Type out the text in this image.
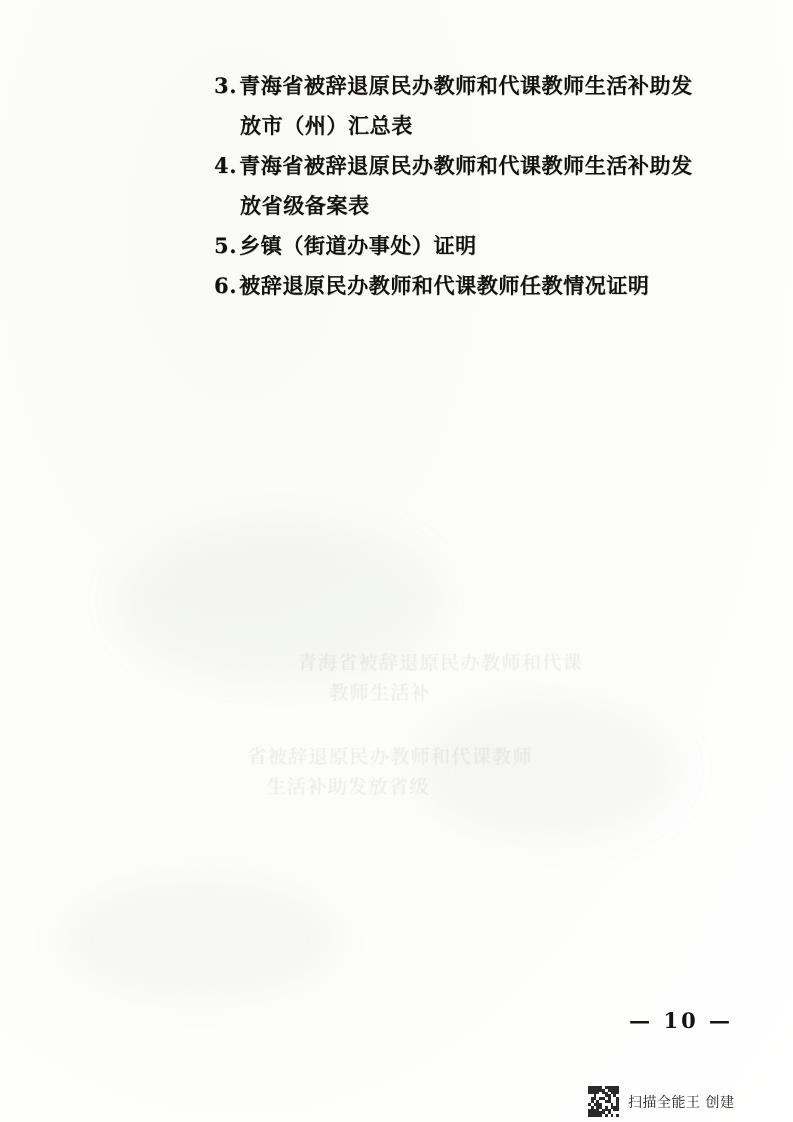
青海省被辞退原民办教师和代课
教师生活补
省被辞退原民办教师和代课教师
生活补助发放省级
3.青海省被辞退原民办教师和代课教师生活补助发
放市（州）汇总表
4.青海省被辞退原民办教师和代课教师生活补助发
放省级备案表
5.乡镇（街道办事处）证明
6.被辞退原民办教师和代课教师任教情况证明
— 10 —
扫描全能王 创建
